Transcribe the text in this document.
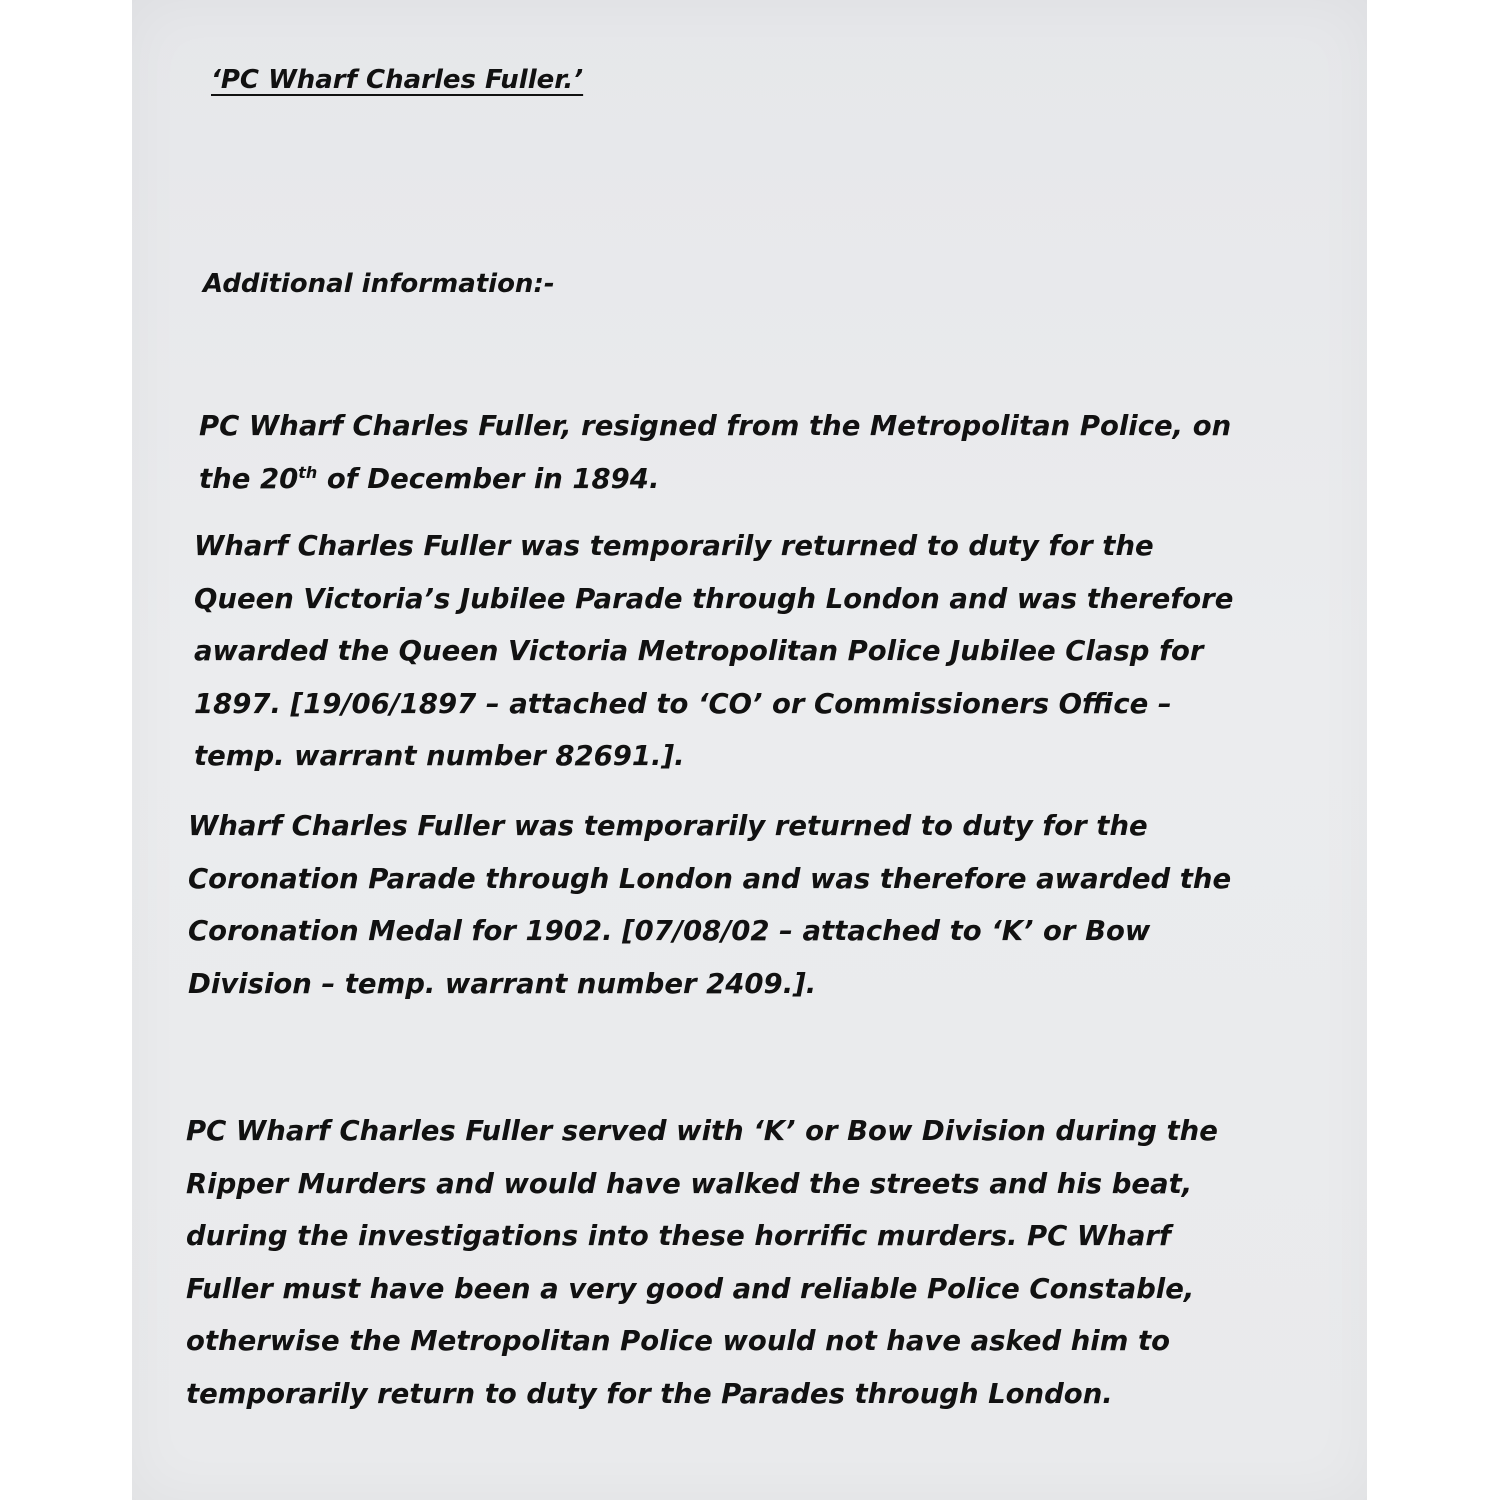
‘PC Wharf Charles Fuller.’

Additional information:-

PC Wharf Charles Fuller, resigned from the Metropolitan Police, on
the 20th of December in 1894.
Wharf Charles Fuller was temporarily returned to duty for the
Queen Victoria’s Jubilee Parade through London and was therefore
awarded the Queen Victoria Metropolitan Police Jubilee Clasp for
1897. [19/06/1897 – attached to ‘CO’ or Commissioners Office –
temp. warrant number 82691.].
Wharf Charles Fuller was temporarily returned to duty for the
Coronation Parade through London and was therefore awarded the
Coronation Medal for 1902. [07/08/02 – attached to ‘K’ or Bow
Division – temp. warrant number 2409.].
PC Wharf Charles Fuller served with ‘K’ or Bow Division during the
Ripper Murders and would have walked the streets and his beat,
during the investigations into these horrific murders. PC Wharf
Fuller must have been a very good and reliable Police Constable,
otherwise the Metropolitan Police would not have asked him to
temporarily return to duty for the Parades through London.
